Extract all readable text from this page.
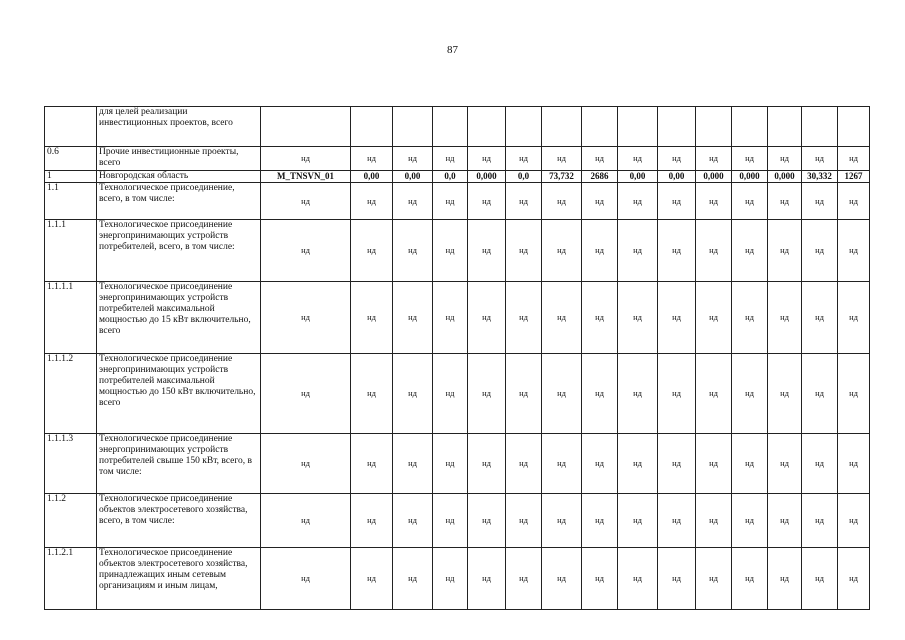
87
	для целей реализации инвестиционных проектов, всего															
0.6	Прочие инвестиционные проекты, всего	нд	нд	нд	нд	нд	нд	нд	нд	нд	нд	нд	нд	нд	нд	нд
1	Новгородская область	M_TNSVN_01	0,00	0,00	0,0	0,000	0,0	73,732	2686	0,00	0,00	0,000	0,000	0,000	30,332	1267
1.1	Технологическое присоединение, всего, в том числе:	нд	нд	нд	нд	нд	нд	нд	нд	нд	нд	нд	нд	нд	нд	нд
1.1.1	Технологическое присоединение энергопринимающих устройств потребителей, всего, в том числе:	нд	нд	нд	нд	нд	нд	нд	нд	нд	нд	нд	нд	нд	нд	нд
1.1.1.1	Технологическое присоединение энергопринимающих устройств потребителей максимальной мощностью до 15 кВт включительно, всего	нд	нд	нд	нд	нд	нд	нд	нд	нд	нд	нд	нд	нд	нд	нд
1.1.1.2	Технологическое присоединение энергопринимающих устройств потребителей максимальной мощностью до 150 кВт включительно, всего	нд	нд	нд	нд	нд	нд	нд	нд	нд	нд	нд	нд	нд	нд	нд
1.1.1.3	Технологическое присоединение энергопринимающих устройств потребителей свыше 150 кВт, всего, в том числе:	нд	нд	нд	нд	нд	нд	нд	нд	нд	нд	нд	нд	нд	нд	нд
1.1.2	Технологическое присоединение объектов электросетевого хозяйства, всего, в том числе:	нд	нд	нд	нд	нд	нд	нд	нд	нд	нд	нд	нд	нд	нд	нд
1.1.2.1	Технологическое присоединение объектов электросетевого хозяйства, принадлежащих иным сетевым организациям и иным лицам,	нд	нд	нд	нд	нд	нд	нд	нд	нд	нд	нд	нд	нд	нд	нд
